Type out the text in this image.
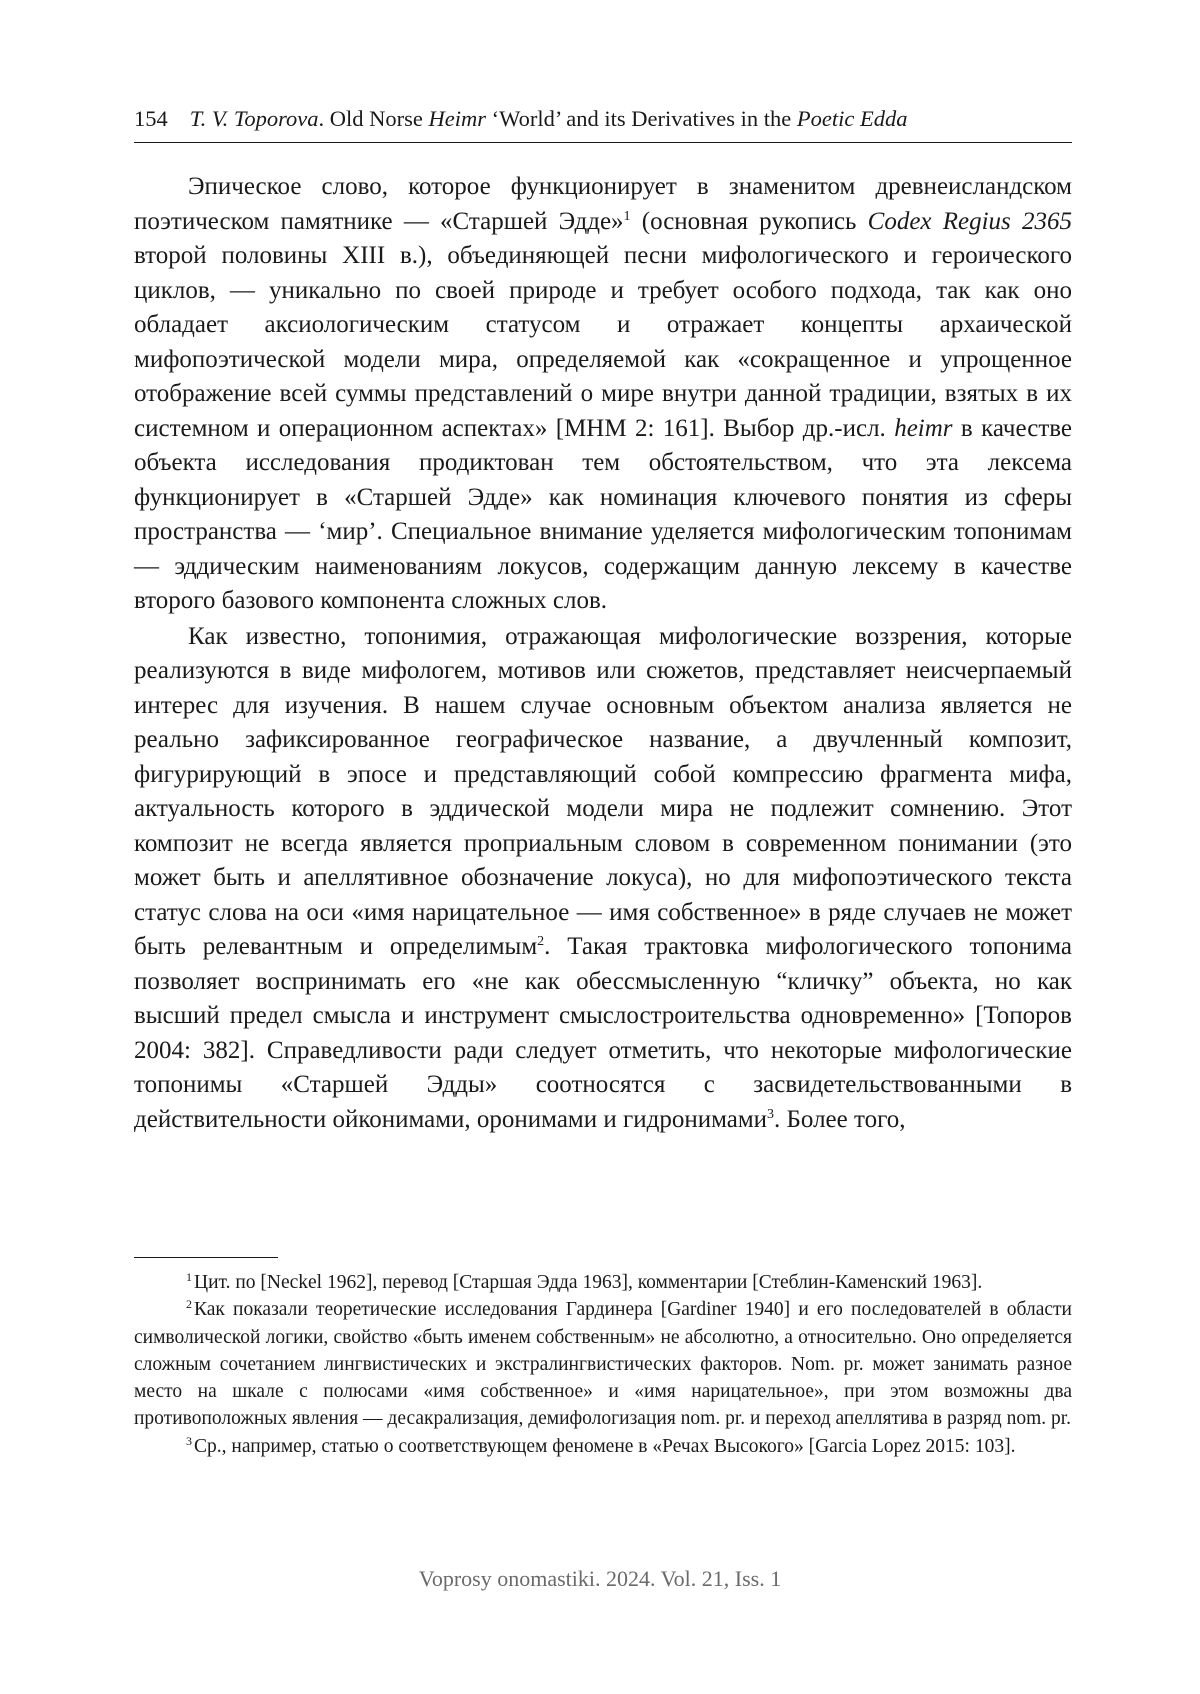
154 T. V. Toporova. Old Norse Heimr ‘World’ and its Derivatives in the Poetic Edda

Эпическое слово, которое функционирует в знаменитом древнеисландском поэтическом памятнике — «Старшей Эдде»1 (основная рукопись Codex Regius 2365 второй половины XIII в.), объединяющей песни мифологического и героического циклов, — уникально по своей природе и требует особого под­хода, так как оно обладает аксиологическим статусом и отражает концепты архаической мифопоэтической модели мира, определяемой как «сокращен­ное и упрощенное отображение всей суммы представлений о мире внутри данной традиции, взятых в их системном и операционном аспектах» [МНМ 2: 161]. Выбор др.-исл. heimr в качестве объекта исследования продиктован тем обстоятельством, что эта лексема функционирует в «Старшей Эдде» как номинация ключевого понятия из сферы пространства — ‘мир’. Специальное внимание уделяется мифологическим топонимам — эддическим наимено­ваниям локусов, содержащим данную лексему в качестве второго базового компонента сложных слов.

Как известно, топонимия, отражающая мифологические воззрения, которые реализуются в виде мифологем, мотивов или сюжетов, представляет неисчерпаемый интерес для изучения. В нашем случае основным объектом анализа является не реально зафиксированное географическое название, а двучленный композит, фигурирующий в эпосе и представляющий собой компрессию фрагмента мифа, актуальность которого в эддической модели мира не подлежит сомнению. Этот композит не всегда является проприаль­ным словом в современном понимании (это может быть и апеллятивное обо­значение локуса), но для мифопоэтического текста статус слова на оси «имя нарицательное — имя собственное» в ряде случаев не может быть релевант­ным и определимым2. Такая трактовка мифологического топонима позволяет воспринимать его «не как обессмысленную “кличку” объекта, но как высший предел смысла и инструмент смыслостроительства одновременно» [Топоров 2004: 382]. Справедливости ради следует отметить, что некоторые мифологи­ческие топонимы «Старшей Эдды» соотносятся с засвидетельствованными в действительности ойконимами, оронимами и гидронимами3. Более того,

1 Цит. по [Neckel 1962], перевод [Старшая Эдда 1963], комментарии [Стеблин-Каменский 1963].

2 Как показали теоретические исследования Гардинера [Gardiner 1940] и его последователей в области символической логики, свойство «быть именем собственным» не абсолютно, а отно­сительно. Оно определяется сложным сочетанием лингвистических и экстралингвистических факторов. Nom. pr. может занимать разное место на шкале с полюсами «имя собственное» и «имя нарицательное», при этом возможны два противоположных явления — десакрализация, демифо­логизация nom. pr. и переход апеллятива в разряд nom. pr.

3 Ср., например, статью о соответствующем феномене в «Речах Высокого» [Garcia Lopez 2015: 103].

Voprosy onomastiki. 2024. Vol. 21, Iss. 1
